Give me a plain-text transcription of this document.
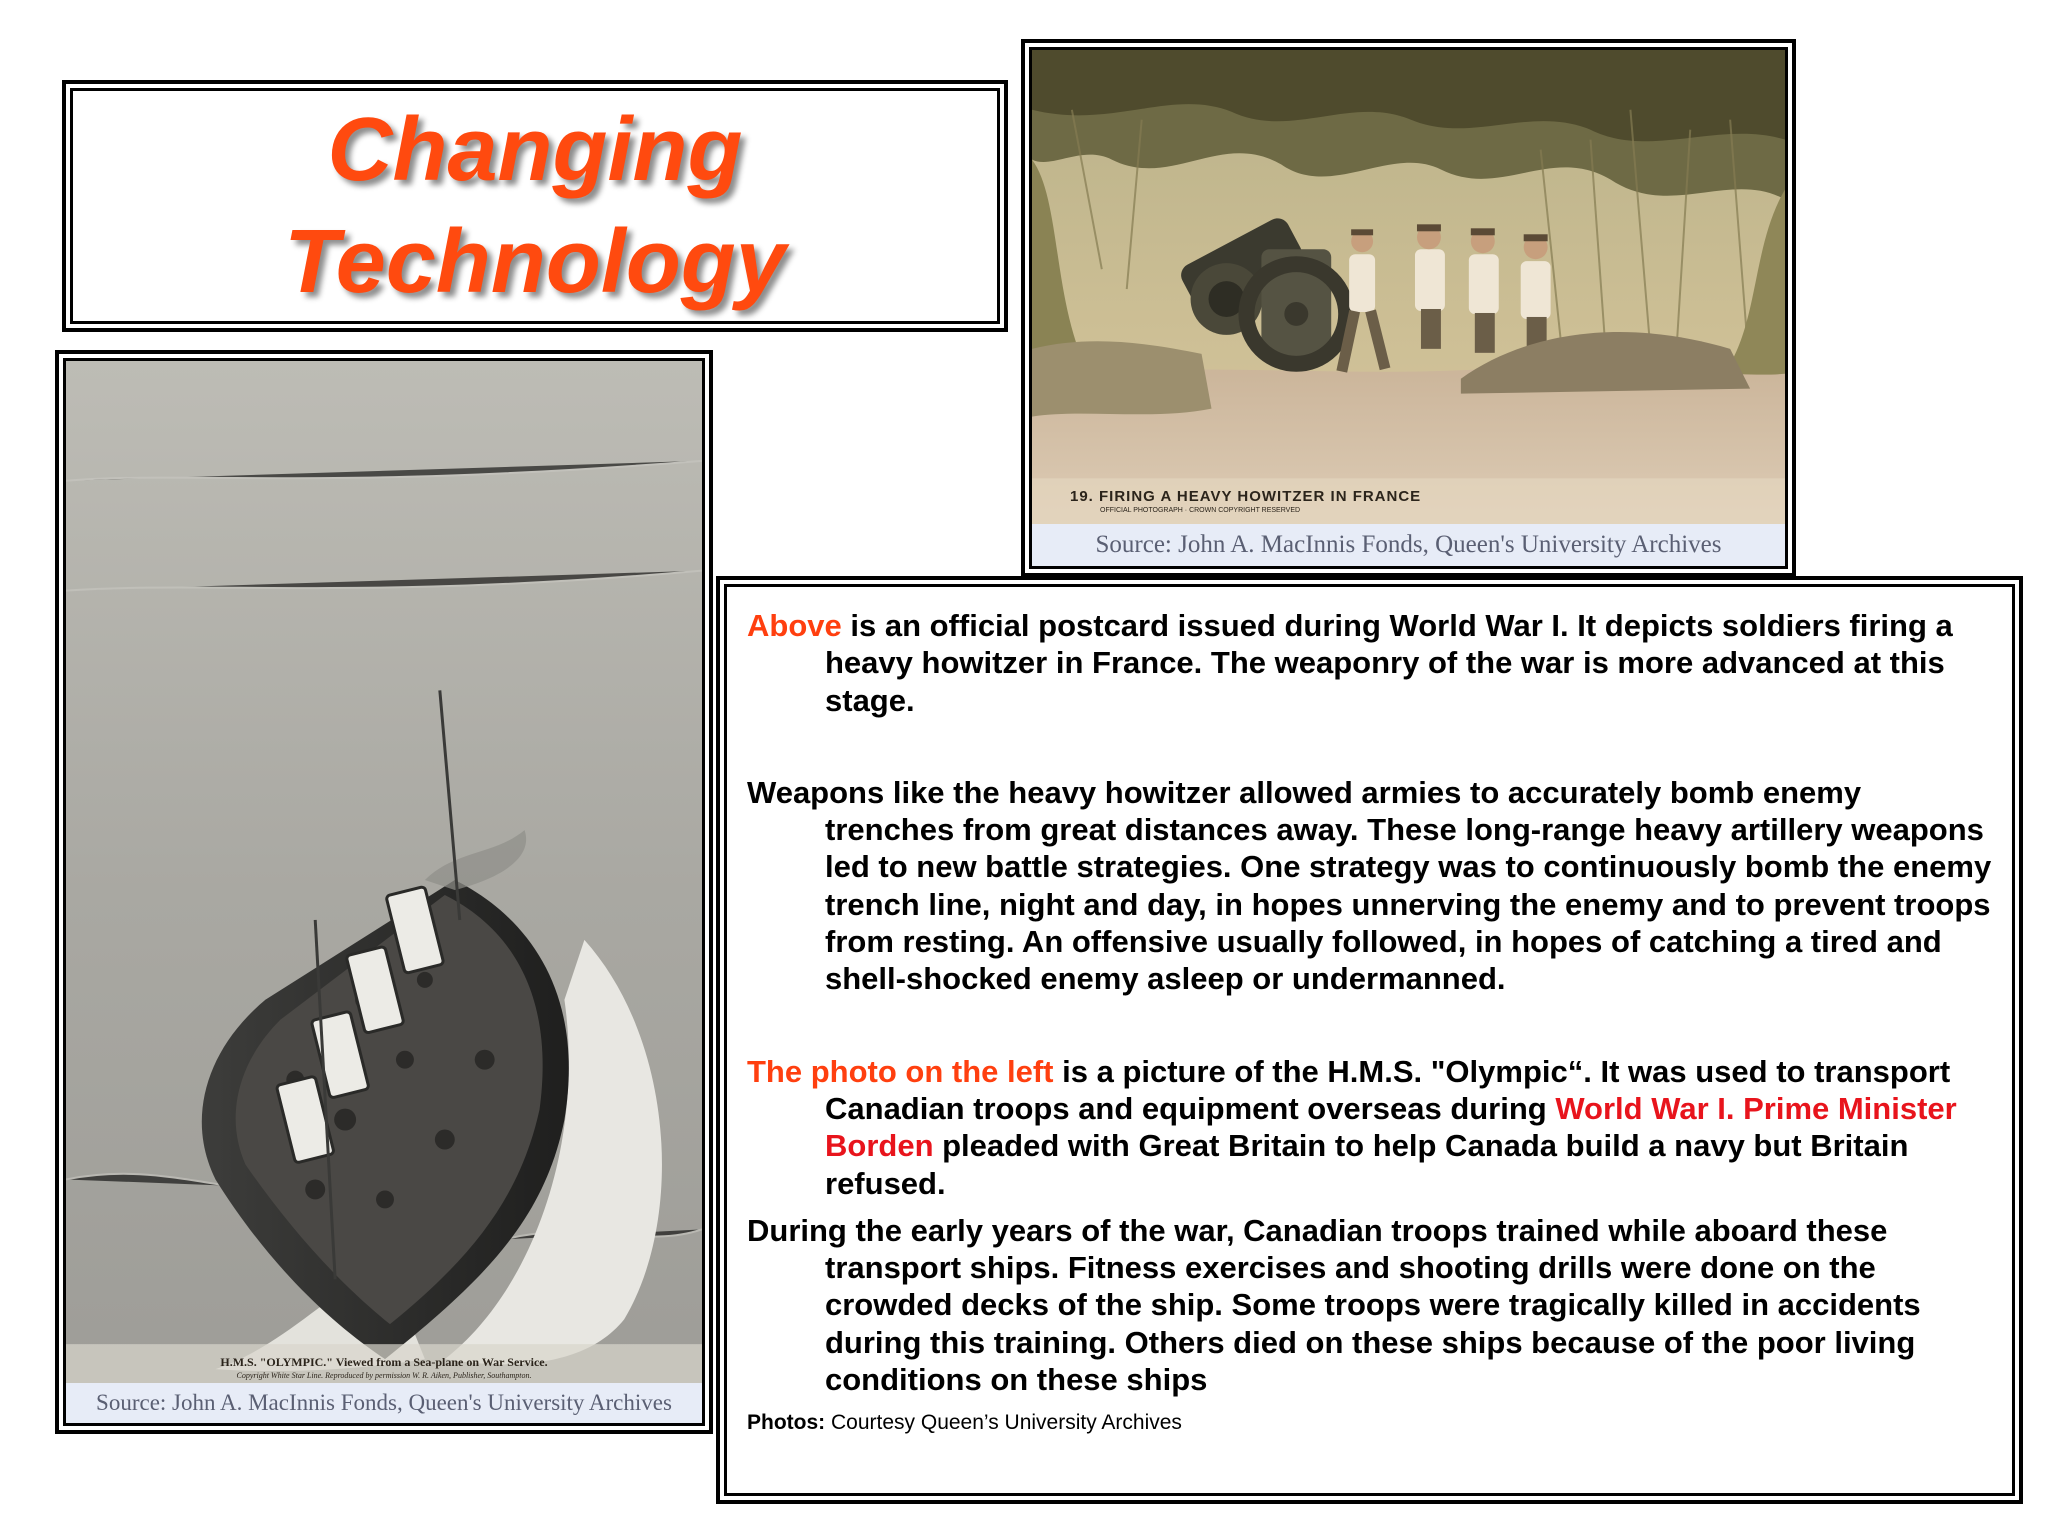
Changing
Technology
19. FIRING A HEAVY HOWITZER IN FRANCE
OFFICIAL PHOTOGRAPH · CROWN COPYRIGHT RESERVED
Source: John A. MacInnis Fonds, Queen's University Archives
H.M.S. "OLYMPIC." Viewed from a Sea-plane on War Service.
Copyright White Star Line. Reproduced by permission W. R. Aiken, Publisher, Southampton.
Source: John A. MacInnis Fonds, Queen's University Archives

Above is an official postcard issued during World War I. It depicts soldiers firing a heavy howitzer in France. The weaponry of the war is more advanced at this stage.

Weapons like the heavy howitzer allowed armies to accurately bomb enemy trenches from great distances away. These long-range heavy artillery weapons led to new battle strategies. One strategy was to continuously bomb the enemy trench line, night and day, in hopes unnerving the enemy and to prevent troops from resting. An offensive usually followed, in hopes of catching a tired and shell-shocked enemy asleep or undermanned.

The photo on the left is a picture of the H.M.S. "Olympic“. It was used to transport Canadian troops and equipment overseas during World War I. Prime Minister Borden pleaded with Great Britain to help Canada build a navy but Britain refused.

During the early years of the war, Canadian troops trained while aboard these transport ships. Fitness exercises and shooting drills were done on the crowded decks of the ship. Some troops were tragically killed in accidents during this training. Others died on these ships because of the poor living conditions on these ships

Photos: Courtesy Queen’s University Archives
